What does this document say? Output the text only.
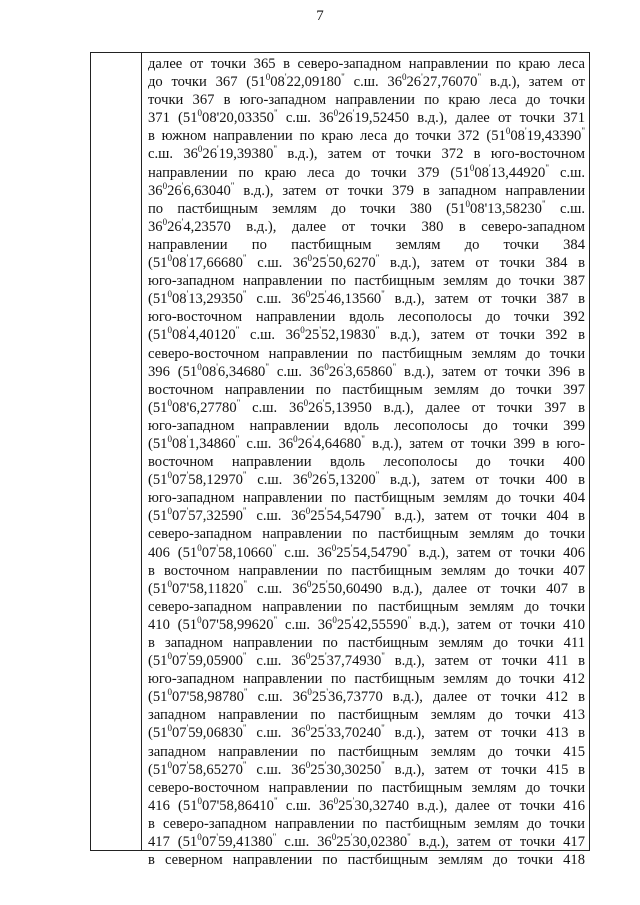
7
далее от точки 365 в северо-западном направлении по краю леса
до точки 367 ($51^008'22,09180^"$ с.ш. $36^026'27,76070^"$ в.д.), затем от
точки 367 в юго-западном направлении по краю леса до точки
371 ($51^008'20,03350^"$ с.ш. $36^026'19,52450$ в.д.), далее от точки 371
в южном направлении по краю леса до точки 372 ($51^008'19,43390^"$
с.ш. $36^026'19,39380^"$ в.д.), затем от точки 372 в юго-восточном
направлении по краю леса до точки 379 ($51^008'13,44920^"$ с.ш.
$36^026'6,63040^"$ в.д.), затем от точки 379 в западном направлении
по пастбищным землям до точки 380 ($51^008'13,58230^"$ с.ш.
$36^026'4,23570$ в.д.), далее от точки 380 в северо-западном
направлении по пастбищным землям до точки 384
($51^008'17,66680^"$ с.ш. $36^025'50,6270^"$ в.д.), затем от точки 384 в
юго-западном направлении по пастбищным землям до точки 387
($51^008'13,29350^"$ с.ш. $36^025'46,13560^"$ в.д.), затем от точки 387 в
юго-восточном направлении вдоль лесополосы до точки 392
($51^008'4,40120^"$ с.ш. $36^025'52,19830^"$ в.д.), затем от точки 392 в
северо-восточном направлении по пастбищным землям до точки
396 ($51^008'6,34680^"$ с.ш. $36^026'3,65860^"$ в.д.), затем от точки 396 в
восточном направлении по пастбищным землям до точки 397
($51^008'6,27780^"$ с.ш. $36^026'5,13950$ в.д.), далее от точки 397 в
юго-западном направлении вдоль лесополосы до точки 399
($51^008'1,34860^"$ с.ш. $36^026'4,64680^"$ в.д.), затем от точки 399 в юго-
восточном направлении вдоль лесополосы до точки 400
($51^007'58,12970^"$ с.ш. $36^026'5,13200^"$ в.д.), затем от точки 400 в
юго-западном направлении по пастбищным землям до точки 404
($51^007'57,32590^"$ с.ш. $36^025'54,54790^"$ в.д.), затем от точки 404 в
северо-западном направлении по пастбищным землям до точки
406 ($51^007'58,10660^"$ с.ш. $36^025'54,54790^"$ в.д.), затем от точки 406
в восточном направлении по пастбищным землям до точки 407
($51^007'58,11820^"$ с.ш. $36^025'50,60490$ в.д.), далее от точки 407 в
северо-западном направлении по пастбищным землям до точки
410 ($51^007'58,99620^"$ с.ш. $36^025'42,55590^"$ в.д.), затем от точки 410
в западном направлении по пастбищным землям до точки 411
($51^007'59,05900^"$ с.ш. $36^025'37,74930^"$ в.д.), затем от точки 411 в
юго-западном направлении по пастбищным землям до точки 412
($51^007'58,98780^"$ с.ш. $36^025'36,73770$ в.д.), далее от точки 412 в
западном направлении по пастбищным землям до точки 413
($51^007'59,06830^"$ с.ш. $36^025'33,70240^"$ в.д.), затем от точки 413 в
западном направлении по пастбищным землям до точки 415
($51^007'58,65270^"$ с.ш. $36^025'30,30250^"$ в.д.), затем от точки 415 в
северо-восточном направлении по пастбищным землям до точки
416 ($51^007'58,86410^"$ с.ш. $36^025'30,32740$ в.д.), далее от точки 416
в северо-западном направлении по пастбищным землям до точки
417 ($51^007'59,41380^"$ с.ш. $36^025'30,02380^"$ в.д.), затем от точки 417
в северном направлении по пастбищным землям до точки 418
